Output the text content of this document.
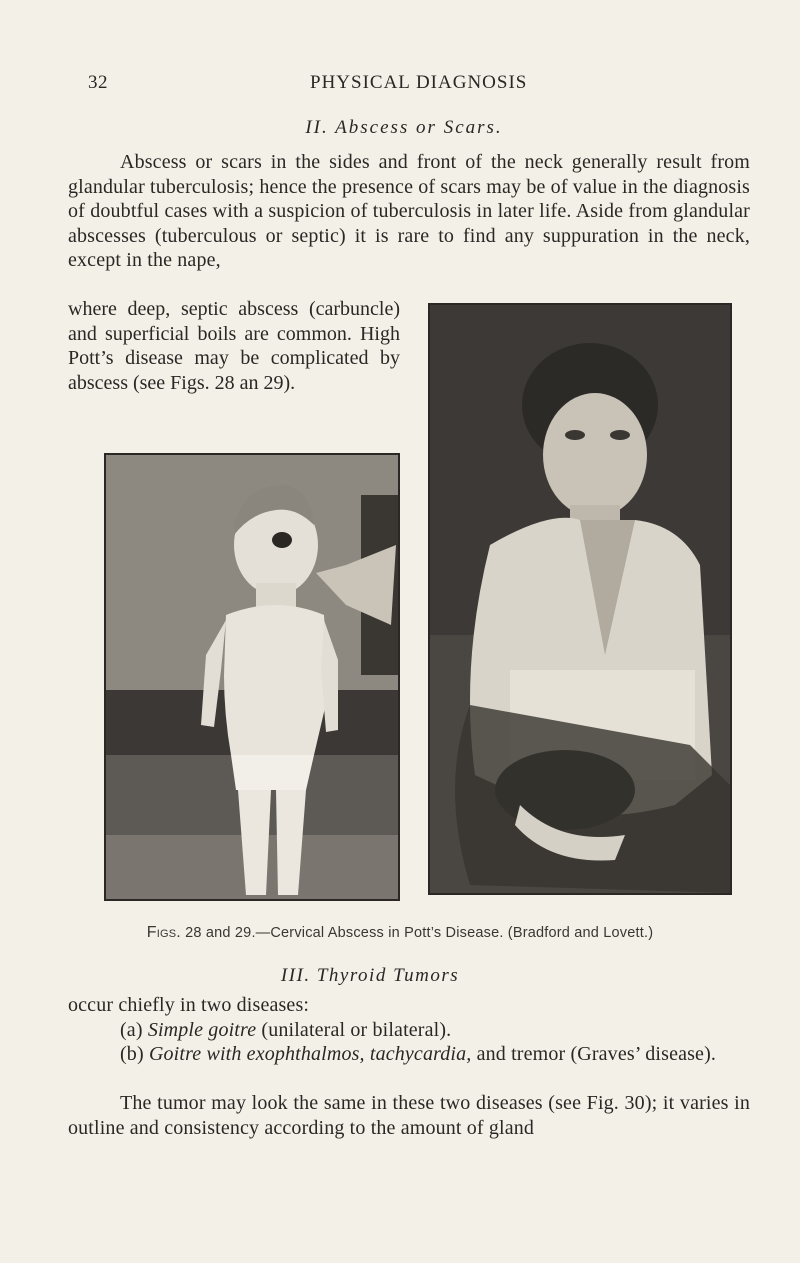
32	PHYSICAL DIAGNOSIS
II. Abscess or Scars.
Abscess or scars in the sides and front of the neck generally result from glandular tuberculosis; hence the presence of scars may be of value in the diagnosis of doubtful cases with a suspicion of tuberculosis in later life. Aside from glandular abscesses (tuberculous or septic) it is rare to find any suppuration in the neck, except in the nape,
where deep, septic abscess (carbuncle) and superficial boils are common. High Pott’s disease may be complicated by abscess (see Figs. 28 an 29).
Figs. 28 and 29.—Cervical Abscess in Pott’s Disease. (Bradford and Lovett.)
III. Thyroid Tumors
occur chiefly in two diseases:
(a) Simple goitre (unilateral or bilateral).
(b) Goitre with exophthalmos, tachycardia, and tremor (Graves’ disease).
The tumor may look the same in these two diseases (see Fig. 30); it varies in outline and consistency according to the amount of gland
